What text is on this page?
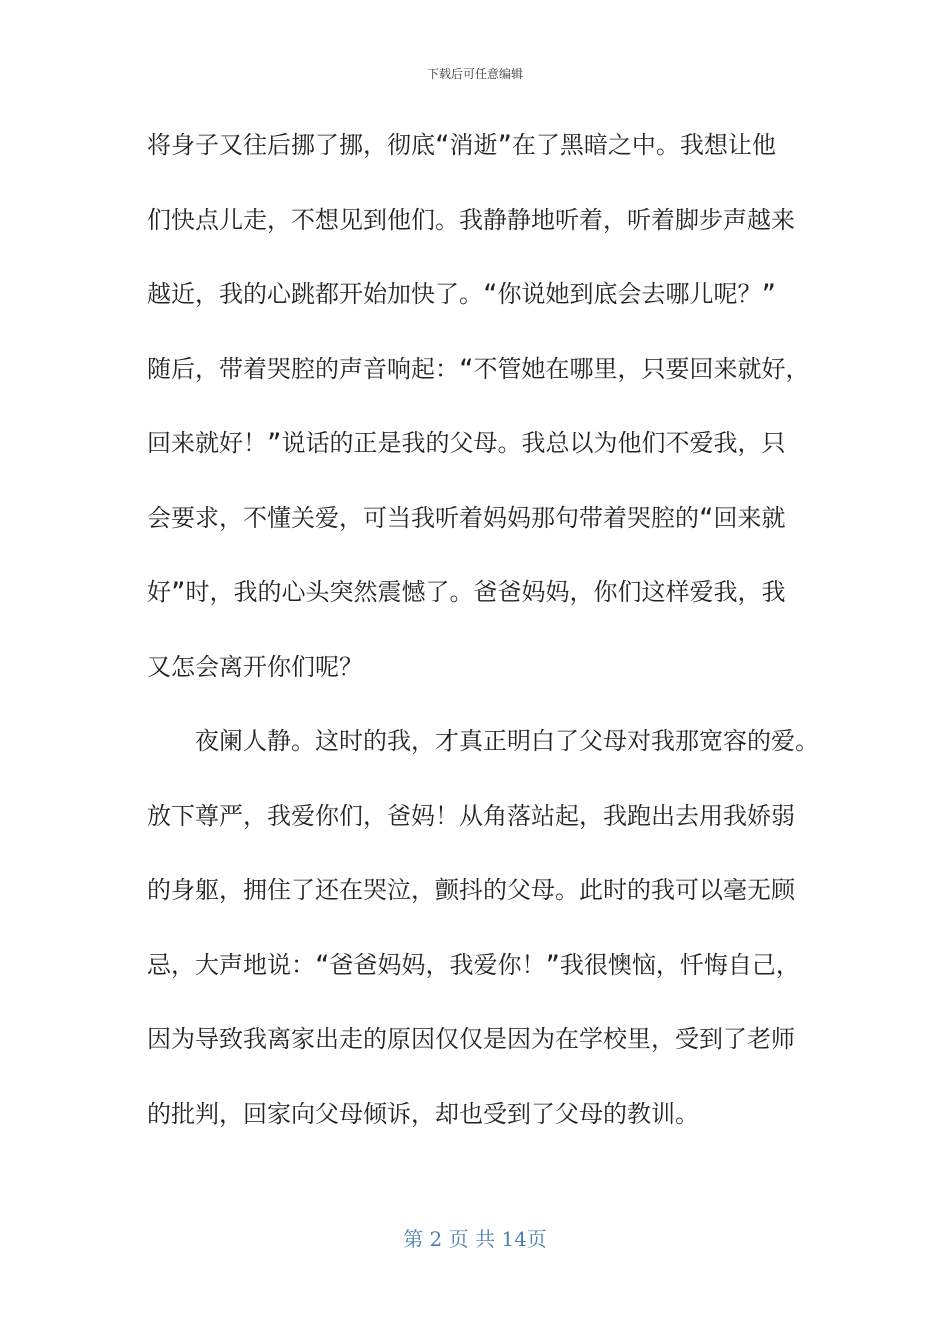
下载后可任意编辑
将身子又往后挪了挪，彻底“消逝”在了黑暗之中。我想让他
们快点儿走，不想见到他们。我静静地听着，听着脚步声越来
越近，我的心跳都开始加快了。“你说她到底会去哪儿呢？”
随后，带着哭腔的声音响起：“不管她在哪里，只要回来就好，
回来就好！”说话的正是我的父母。我总以为他们不爱我，只
会要求，不懂关爱，可当我听着妈妈那句带着哭腔的“回来就
好”时，我的心头突然震憾了。爸爸妈妈，你们这样爱我，我
又怎会离开你们呢？
夜阑人静。这时的我，才真正明白了父母对我那宽容的爱。
放下尊严，我爱你们，爸妈！从角落站起，我跑出去用我娇弱
的身躯，拥住了还在哭泣，颤抖的父母。此时的我可以毫无顾
忌，大声地说：“爸爸妈妈，我爱你！”我很懊恼，忏悔自己，
因为导致我离家出走的原因仅仅是因为在学校里，受到了老师
的批判，回家向父母倾诉，却也受到了父母的教训。
第 2 页 共 14页
